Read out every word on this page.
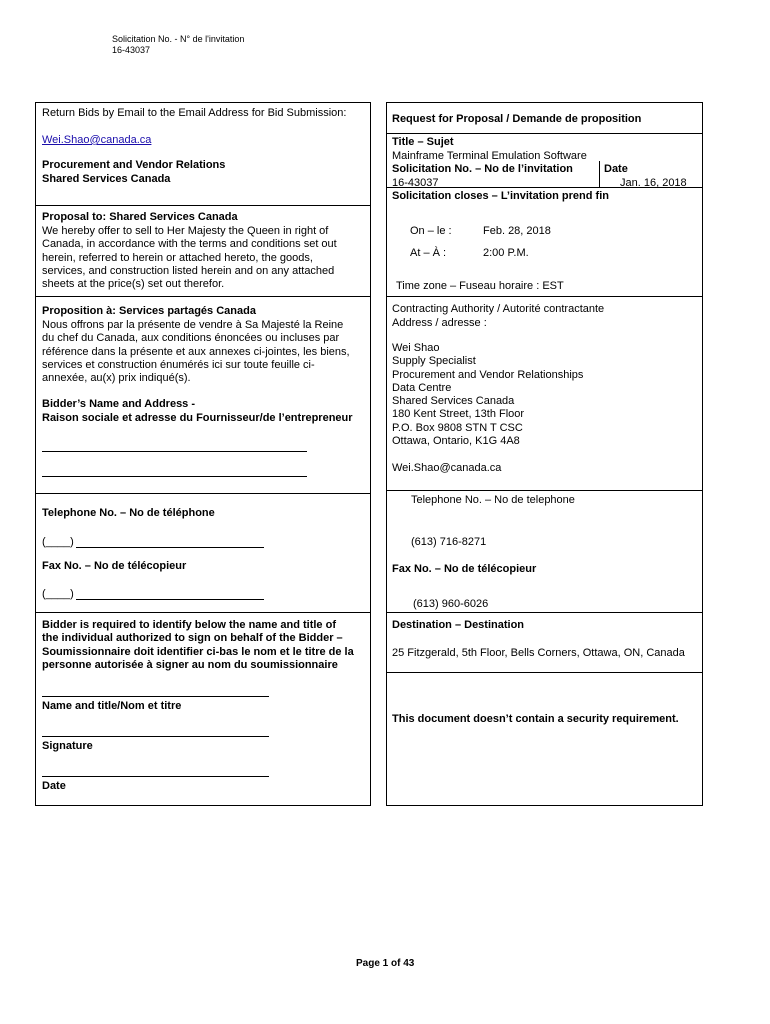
Solicitation No. - N° de l'invitation
16-43037
Return Bids by Email to the Email Address for Bid Submission:
Wei.Shao@canada.ca
Procurement and Vendor Relations
Shared Services Canada
Proposal to: Shared Services Canada
We hereby offer to sell to Her Majesty the Queen in right of
Canada, in accordance with the terms and conditions set out
herein, referred to herein or attached hereto, the goods,
services, and construction listed herein and on any attached
sheets at the price(s) set out therefor.
Proposition à: Services partagés Canada
Nous offrons par la présente de vendre à Sa Majesté la Reine
du chef du Canada, aux conditions énoncées ou incluses par
référence dans la présente et aux annexes ci-jointes, les biens,
services et construction énumérés ici sur toute feuille ci-
annexée, au(x) prix indiqué(s).
Bidder’s Name and Address -
Raison sociale et adresse du Fournisseur/de l’entrepreneur
Telephone No. – No de téléphone
(____)
Fax No. – No de télécopieur
(____)
Bidder is required to identify below the name and title of
the individual authorized to sign on behalf of the Bidder –
Soumissionnaire doit identifier ci-bas le nom et le titre de la
personne autorisée à signer au nom du soumissionnaire
Name and title/Nom et titre
Signature
Date
Request for Proposal / Demande de proposition
Title – Sujet
Mainframe Terminal Emulation Software
Solicitation No. – No de l’invitation
16-43037
Date
Jan. 16, 2018
Solicitation closes – L’invitation prend fin
On – le :	Feb. 28, 2018
At – À :	2:00 P.M.
Time zone – Fuseau horaire : EST
Contracting Authority / Autorité contractante
Address / adresse :
Wei Shao
Supply Specialist
Procurement and Vendor Relationships
Data Centre
Shared Services Canada
180 Kent Street, 13th Floor
P.O. Box 9808 STN T CSC
Ottawa, Ontario, K1G 4A8
Wei.Shao@canada.ca
Telephone No. – No de telephone
(613) 716-8271
Fax No. – No de télécopieur
(613) 960-6026
Destination – Destination
25 Fitzgerald, 5th Floor, Bells Corners, Ottawa, ON, Canada
This document doesn’t contain a security requirement.
Page 1 of 43
